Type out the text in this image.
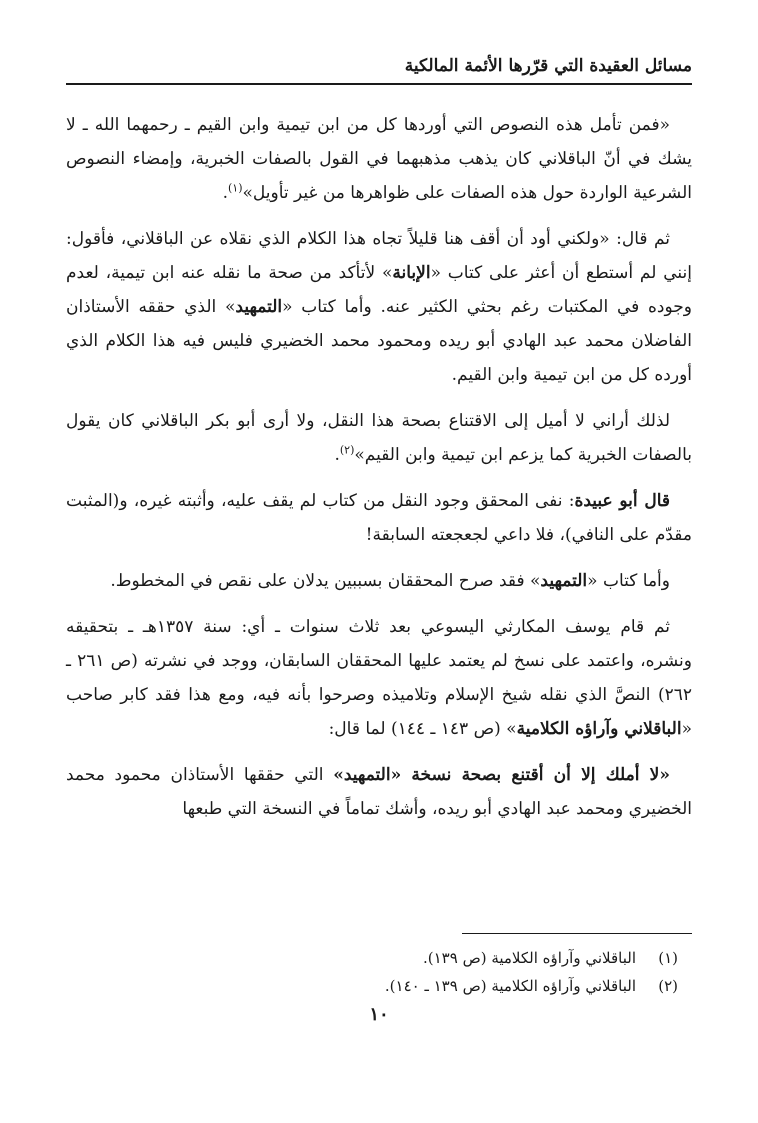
مسائل العقيدة التي قرّرها الأئمة المالكية

«فمن تأمل هذه النصوص التي أوردها كل من ابن تيمية وابن القيم ـ رحمهما الله ـ لا يشك في أنّ الباقلاني كان يذهب مذهبهما في القول بالصفات الخبرية، وإمضاء النصوص الشرعية الواردة حول هذه الصفات على ظواهرها من غير تأويل»$^{(١)}$.

ثم قال: «ولكني أود أن أقف هنا قليلاً تجاه هذا الكلام الذي نقلاه عن الباقلاني، فأقول: إنني لم أستطع أن أعثر على كتاب «الإبانة» لأتأكد من صحة ما نقله عنه ابن تيمية، لعدم وجوده في المكتبات رغم بحثي الكثير عنه. وأما كتاب «التمهيد» الذي حققه الأستاذان الفاضلان محمد عبد الهادي أبو ريده ومحمود محمد الخضيري فليس فيه هذا الكلام الذي أورده كل من ابن تيمية وابن القيم.

لذلك أراني لا أميل إلى الاقتناع بصحة هذا النقل، ولا أرى أبو بكر الباقلاني كان يقول بالصفات الخبرية كما يزعم ابن تيمية وابن القيم»$^{(٢)}$.

قال أبو عبيدة: نفى المحقق وجود النقل من كتاب لم يقف عليه، وأثبته غيره، و(المثبت مقدّم على النافي)، فلا داعي لجعجعته السابقة!

وأما كتاب «التمهيد» فقد صرح المحققان بسببين يدلان على نقص في المخطوط.

ثم قام يوسف المكارثي اليسوعي بعد ثلاث سنوات ـ أي: سنة ١٣٥٧هـ ـ بتحقيقه ونشره، واعتمد على نسخ لم يعتمد عليها المحققان السابقان، ووجد في نشرته (ص ٢٦١ ـ ٢٦٢) النصَّ الذي نقله شيخ الإسلام وتلاميذه وصرحوا بأنه فيه، ومع هذا فقد كابر صاحب «الباقلاني وآراؤه الكلامية» (ص ١٤٣ ـ ١٤٤) لما قال:

«لا أملك إلا أن أقتنع بصحة نسخة «التمهيد» التي حققها الأستاذان محمود محمد الخضيري ومحمد عبد الهادي أبو ريده، وأشك تماماً في النسخة التي طبعها

(١)
الباقلاني وآراؤه الكلامية (ص ١٣٩).
(٢)
الباقلاني وآراؤه الكلامية (ص ١٣٩ ـ ١٤٠).
١٠
